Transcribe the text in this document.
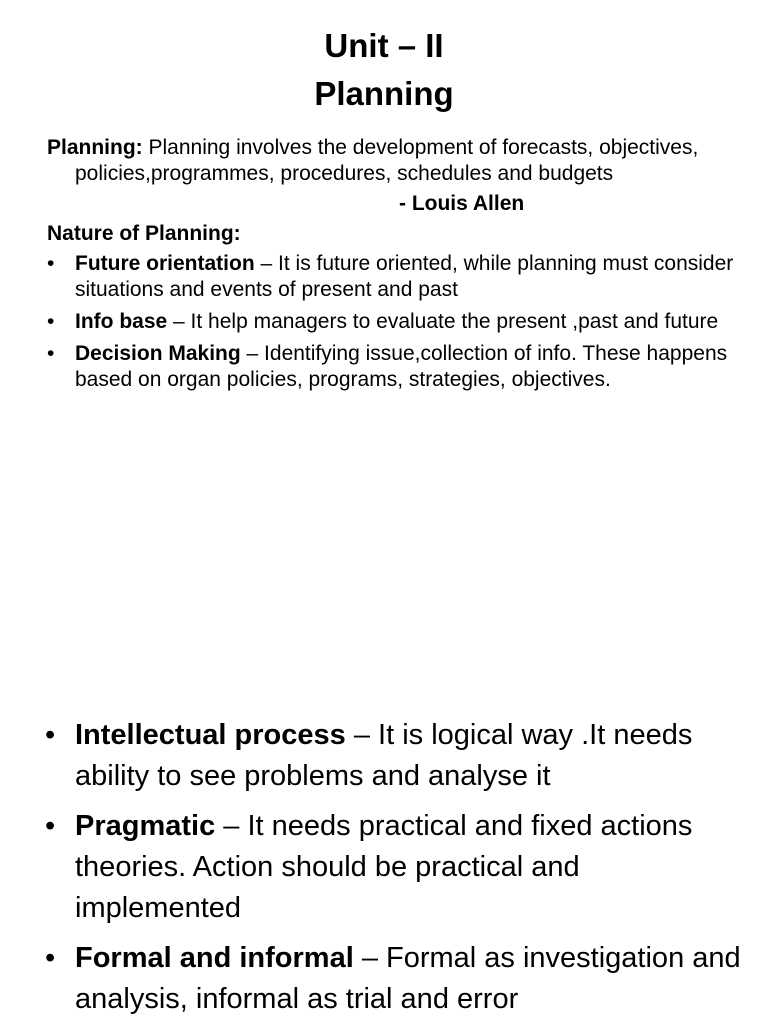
Unit – II
Planning

Planning: Planning involves the development of forecasts, objectives, policies,programmes, procedures, schedules and budgets

- Louis Allen

Nature of Planning:

• Future orientation – It is future oriented, while planning must consider situations and events of present and past
• Info base – It help managers to evaluate the present ,past and future
• Decision Making – Identifying issue,collection of info. These happens based on organ policies, programs, strategies, objectives.
• Intellectual process – It is logical way .It needs ability to see problems and analyse it
• Pragmatic – It needs practical and fixed actions theories. Action should be practical and implemented
• Formal and informal – Formal as investigation and analysis, informal as trial and error
